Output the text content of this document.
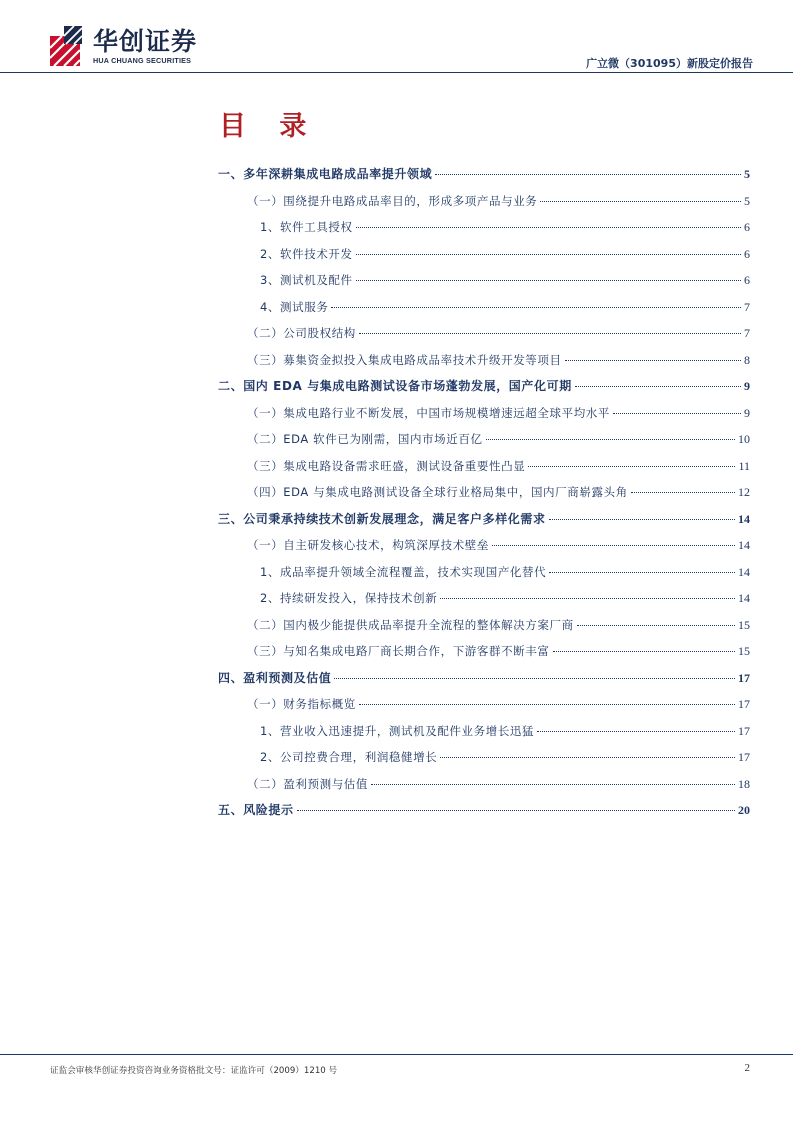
华创证券
HUA CHUANG SECURITIES	广立微（301095）新股定价报告
目 录
一、多年深耕集成电路成品率提升领域	5
（一）围绕提升电路成品率目的，形成多项产品与业务	5
1、软件工具授权	6
2、软件技术开发	6
3、测试机及配件	6
4、测试服务	7
（二）公司股权结构	7
（三）募集资金拟投入集成电路成品率技术升级开发等项目	8
二、国内 EDA 与集成电路测试设备市场蓬勃发展，国产化可期	9
（一）集成电路行业不断发展，中国市场规模增速远超全球平均水平	9
（二）EDA 软件已为刚需，国内市场近百亿	10
（三）集成电路设备需求旺盛，测试设备重要性凸显	11
（四）EDA 与集成电路测试设备全球行业格局集中，国内厂商崭露头角	12
三、公司秉承持续技术创新发展理念，满足客户多样化需求	14
（一）自主研发核心技术，构筑深厚技术壁垒	14
1、成品率提升领域全流程覆盖，技术实现国产化替代	14
2、持续研发投入，保持技术创新	14
（二）国内极少能提供成品率提升全流程的整体解决方案厂商	15
（三）与知名集成电路厂商长期合作，下游客群不断丰富	15
四、盈利预测及估值	17
（一）财务指标概览	17
1、营业收入迅速提升，测试机及配件业务增长迅猛	17
2、公司控费合理，利润稳健增长	17
（二）盈利预测与估值	18
五、风险提示	20
证监会审核华创证券投资咨询业务资格批文号：证监许可（2009）1210 号	2
